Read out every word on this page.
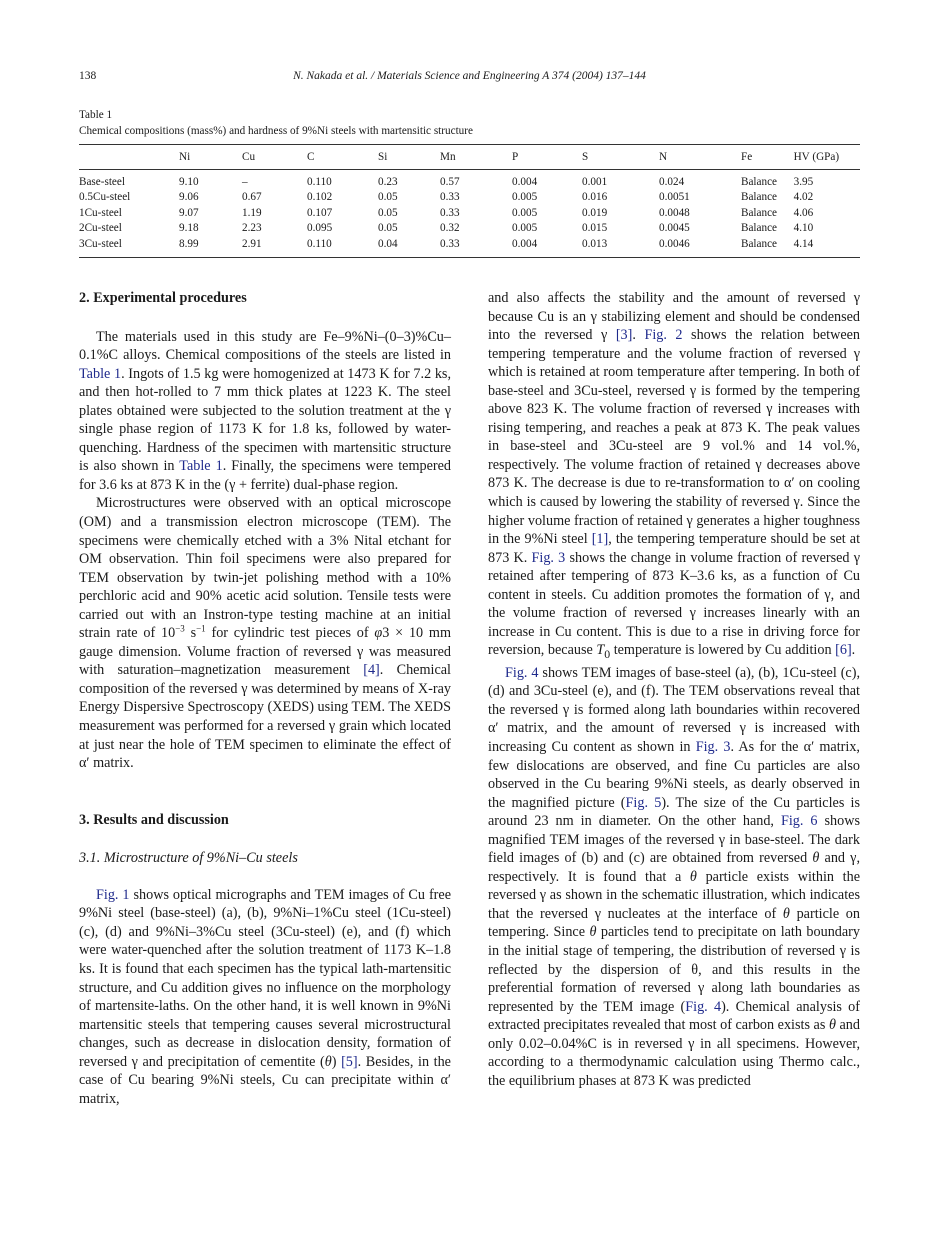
138	N. Nakada et al. / Materials Science and Engineering A 374 (2004) 137–144
Table 1
Chemical compositions (mass%) and hardness of 9%Ni steels with martensitic structure
	Ni	Cu	C	Si	Mn	P	S	N	Fe	HV (GPa)
Base-steel	9.10	–	0.110	0.23	0.57	0.004	0.001	0.024	Balance	3.95
0.5Cu-steel	9.06	0.67	0.102	0.05	0.33	0.005	0.016	0.0051	Balance	4.02
1Cu-steel	9.07	1.19	0.107	0.05	0.33	0.005	0.019	0.0048	Balance	4.06
2Cu-steel	9.18	2.23	0.095	0.05	0.32	0.005	0.015	0.0045	Balance	4.10
3Cu-steel	8.99	2.91	0.110	0.04	0.33	0.004	0.013	0.0046	Balance	4.14
2. Experimental procedures

The materials used in this study are Fe–9%Ni–(0–3)%Cu–0.1%C alloys. Chemical compositions of the steels are listed in Table 1. Ingots of 1.5 kg were homogenized at 1473 K for 7.2 ks, and then hot-rolled to 7 mm thick plates at 1223 K. The steel plates obtained were subjected to the solution treatment at the γ single phase region of 1173 K for 1.8 ks, followed by water-quenching. Hardness of the specimen with martensitic structure is also shown in Table 1. Finally, the specimens were tempered for 3.6 ks at 873 K in the (γ + ferrite) dual-phase region.

Microstructures were observed with an optical microscope (OM) and a transmission electron microscope (TEM). The specimens were chemically etched with a 3% Nital etchant for OM observation. Thin foil specimens were also prepared for TEM observation by twin-jet polishing method with a 10% perchloric acid and 90% acetic acid solution. Tensile tests were carried out with an Instron-type testing machine at an initial strain rate of $10^{-3}$ $s^{-1}$ for cylindric test pieces of φ3 × 10 mm gauge dimension. Volume fraction of reversed γ was measured with saturation–magnetization measurement [4]. Chemical composition of the reversed γ was determined by means of X-ray Energy Dispersive Spectroscopy (XEDS) using TEM. The XEDS measurement was performed for a reversed γ grain which located at just near the hole of TEM specimen to eliminate the effect of α′ matrix.

3. Results and discussion
3.1. Microstructure of 9%Ni–Cu steels

Fig. 1 shows optical micrographs and TEM images of Cu free 9%Ni steel (base-steel) (a), (b), 9%Ni–1%Cu steel (1Cu-steel) (c), (d) and 9%Ni–3%Cu steel (3Cu-steel) (e), and (f) which were water-quenched after the solution treatment of 1173 K–1.8 ks. It is found that each specimen has the typical lath-martensitic structure, and Cu addition gives no influence on the morphology of martensite-laths. On the other hand, it is well known in 9%Ni martensitic steels that tempering causes several microstructural changes, such as decrease in dislocation density, formation of reversed γ and precipitation of cementite (θ) [5]. Besides, in the case of Cu bearing 9%Ni steels, Cu can precipitate within α′ matrix,

and also affects the stability and the amount of reversed γ because Cu is an γ stabilizing element and should be condensed into the reversed γ [3]. Fig. 2 shows the relation between tempering temperature and the volume fraction of reversed γ which is retained at room temperature after tempering. In both of base-steel and 3Cu-steel, reversed γ is formed by the tempering above 823 K. The volume fraction of reversed γ increases with rising tempering, and reaches a peak at 873 K. The peak values in base-steel and 3Cu-steel are 9 vol.% and 14 vol.%, respectively. The volume fraction of retained γ decreases above 873 K. The decrease is due to re-transformation to α′ on cooling which is caused by lowering the stability of reversed γ. Since the higher volume fraction of retained γ generates a higher toughness in the 9%Ni steel [1], the tempering temperature should be set at 873 K. Fig. 3 shows the change in volume fraction of reversed γ retained after tempering of 873 K–3.6 ks, as a function of Cu content in steels. Cu addition promotes the formation of γ, and the volume fraction of reversed γ increases linearly with an increase in Cu content. This is due to a rise in driving force for reversion, because $T_0$ temperature is lowered by Cu addition [6].

Fig. 4 shows TEM images of base-steel (a), (b), 1Cu-steel (c), (d) and 3Cu-steel (e), and (f). The TEM observations reveal that the reversed γ is formed along lath boundaries within recovered α′ matrix, and the amount of reversed γ is increased with increasing Cu content as shown in Fig. 3. As for the α′ matrix, few dislocations are observed, and fine Cu particles are also observed in the Cu bearing 9%Ni steels, as dearly observed in the magnified picture (Fig. 5). The size of the Cu particles is around 23 nm in diameter. On the other hand, Fig. 6 shows magnified TEM images of the reversed γ in base-steel. The dark field images of (b) and (c) are obtained from reversed θ and γ, respectively. It is found that a θ particle exists within the reversed γ as shown in the schematic illustration, which indicates that the reversed γ nucleates at the interface of θ particle on tempering. Since θ particles tend to precipitate on lath boundary in the initial stage of tempering, the distribution of reversed γ is reflected by the dispersion of θ, and this results in the preferential formation of reversed γ along lath boundaries as represented by the TEM image (Fig. 4). Chemical analysis of extracted precipitates revealed that most of carbon exists as θ and only 0.02–0.04%C is in reversed γ in all specimens. However, according to a thermodynamic calculation using Thermo calc., the equilibrium phases at 873 K was predicted
